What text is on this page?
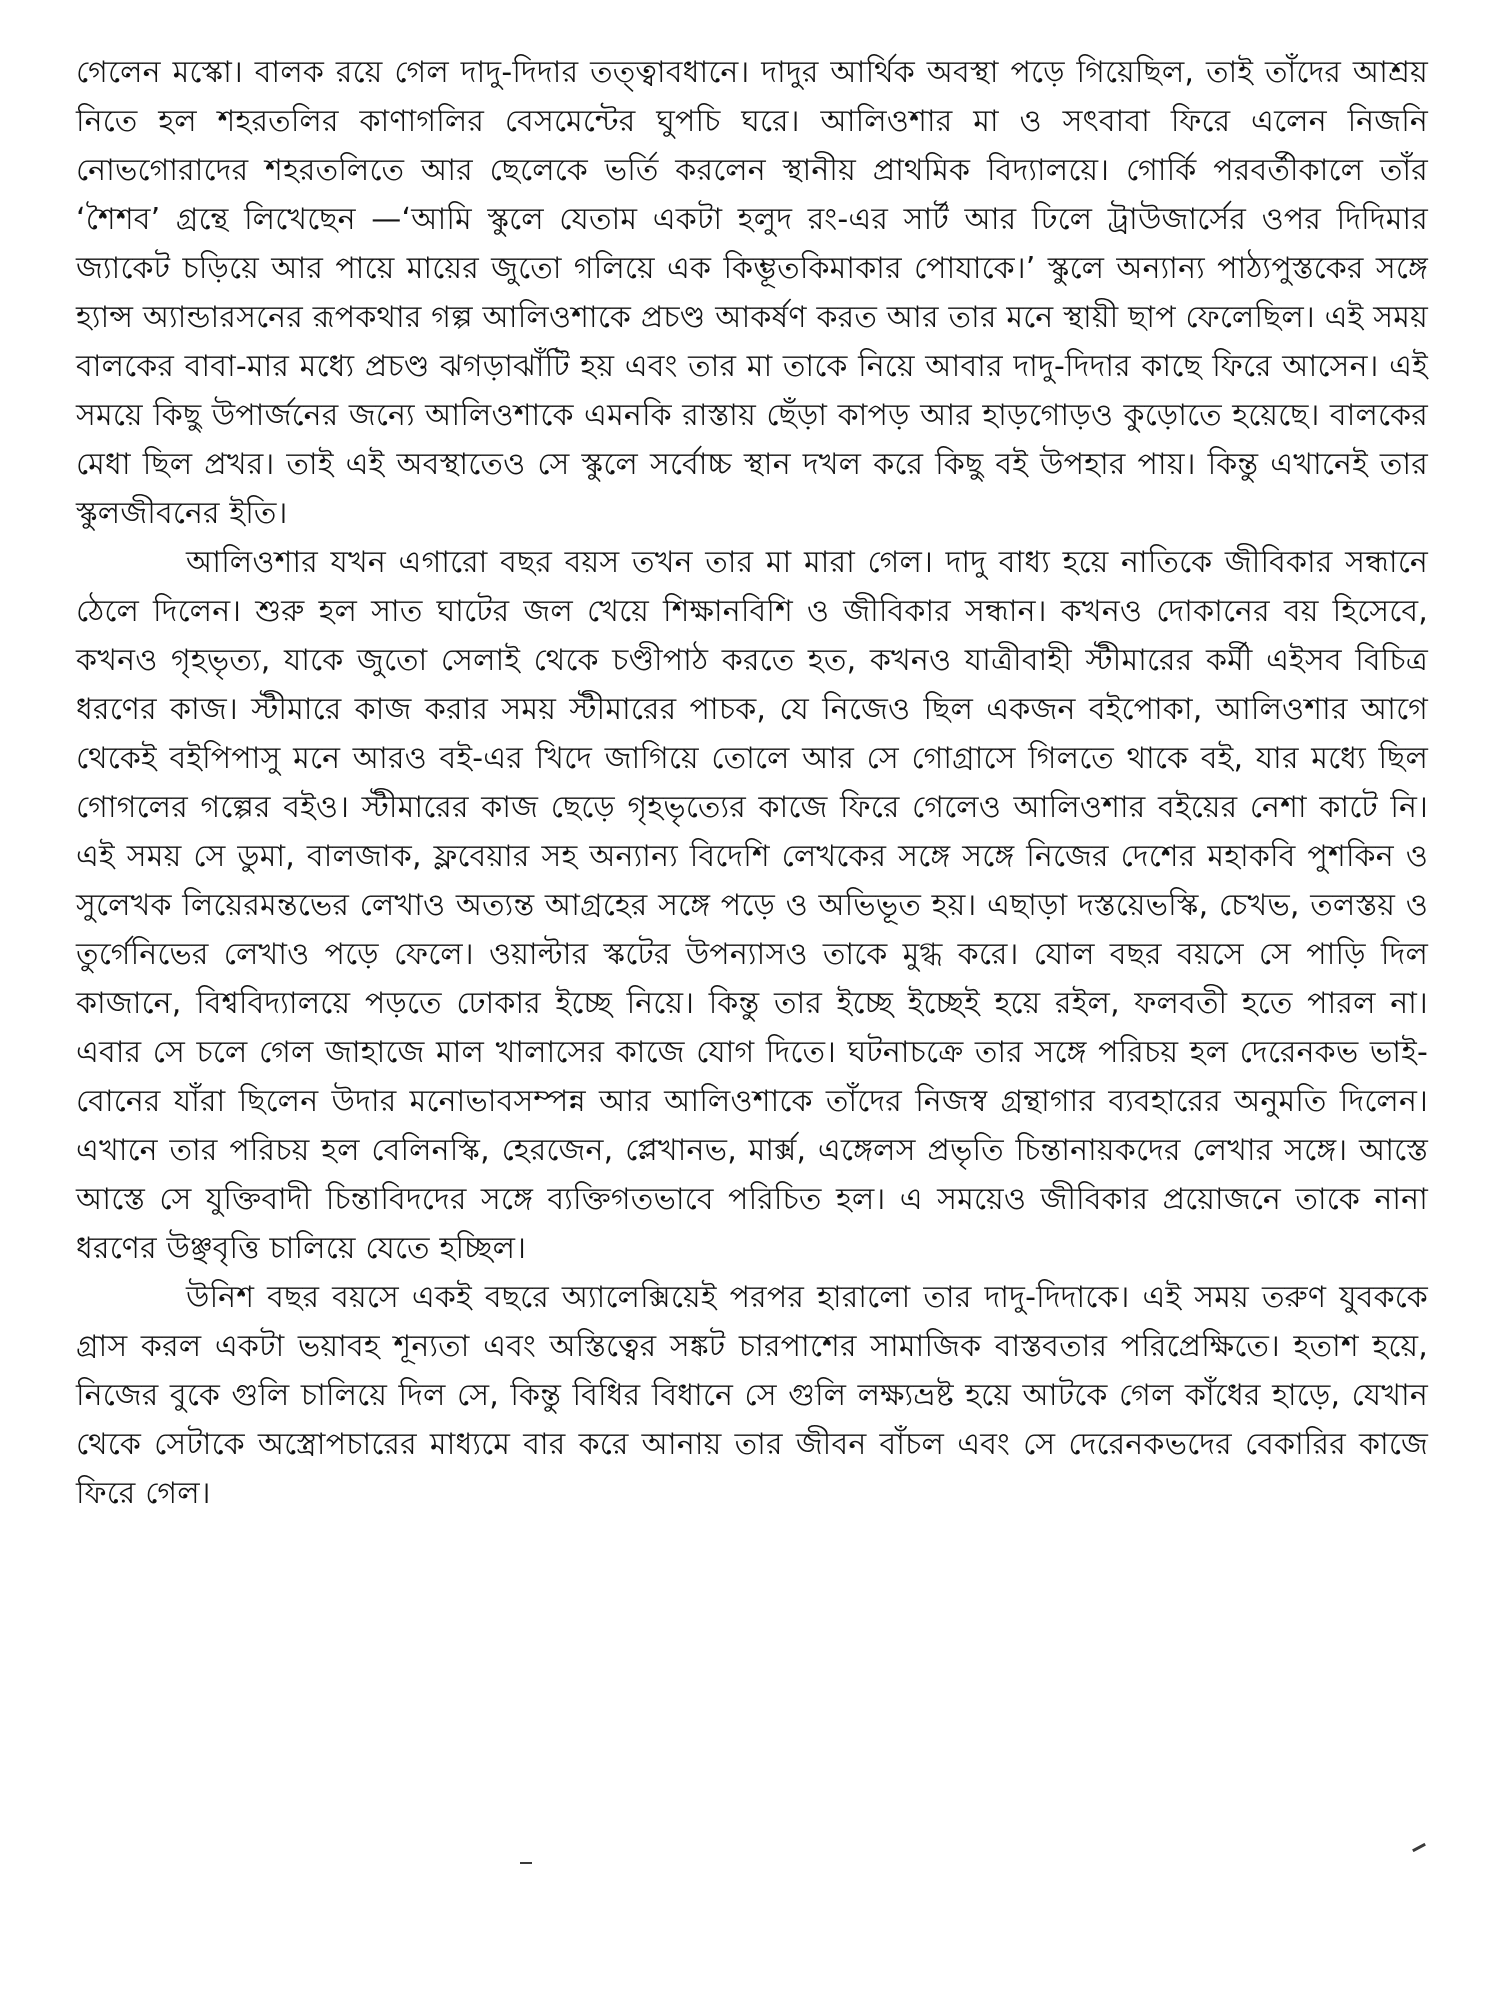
গেলেন মস্কো। বালক রয়ে গেল দাদু-দিদার তত্ত্বাবধানে। দাদুর আর্থিক অবস্থা পড়ে গিয়েছিল, তাই তাঁদের আশ্রয় নিতে হল শহরতলির কাণাগলির বেসমেন্টের ঘুপচি ঘরে। আলিওশার মা ও সৎবাবা ফিরে এলেন নিজনি নোভগোরাদের শহরতলিতে আর ছেলেকে ভর্তি করলেন স্থানীয় প্রাথমিক বিদ্যালয়ে। গোর্কি পরবর্তীকালে তাঁর ‘শৈশব’ গ্রন্থে লিখেছেন —‘আমি স্কুলে যেতাম একটা হলুদ রং-এর সার্ট আর ঢিলে ট্রাউজার্সের ওপর দিদিমার জ্যাকেট চড়িয়ে আর পায়ে মায়ের জুতো গলিয়ে এক কিম্ভূতকিমাকার পোযাকে।’ স্কুলে অন্যান্য পাঠ্যপুস্তকের সঙ্গে হ্যান্স অ্যান্ডারসনের রূপকথার গল্প আলিওশাকে প্রচণ্ড আকর্ষণ করত আর তার মনে স্থায়ী ছাপ ফেলেছিল। এই সময় বালকের বাবা-মার মধ্যে প্রচণ্ড ঝগড়াঝাঁটি হয় এবং তার মা তাকে নিয়ে আবার দাদু-দিদার কাছে ফিরে আসেন। এই সময়ে কিছু উপার্জনের জন্যে আলিওশাকে এমনকি রাস্তায় ছেঁড়া কাপড় আর হাড়গোড়ও কুড়োতে হয়েছে। বালকের মেধা ছিল প্রখর। তাই এই অবস্থাতেও সে স্কুলে সর্বোচ্চ স্থান দখল করে কিছু বই উপহার পায়। কিন্তু এখানেই তার স্কুলজীবনের ইতি।

আলিওশার যখন এগারো বছর বয়স তখন তার মা মারা গেল। দাদু বাধ্য হয়ে নাতিকে জীবিকার সন্ধানে ঠেলে দিলেন। শুরু হল সাত ঘাটের জল খেয়ে শিক্ষানবিশি ও জীবিকার সন্ধান। কখনও দোকানের বয় হিসেবে, কখনও গৃহভৃত্য, যাকে জুতো সেলাই থেকে চণ্ডীপাঠ করতে হত, কখনও যাত্রীবাহী স্টীমারের কর্মী এইসব বিচিত্র ধরণের কাজ। স্টীমারে কাজ করার সময় স্টীমারের পাচক, যে নিজেও ছিল একজন বইপোকা, আলিওশার আগে থেকেই বইপিপাসু মনে আরও বই-এর খিদে জাগিয়ে তোলে আর সে গোগ্রাসে গিলতে থাকে বই, যার মধ্যে ছিল গোগলের গল্পের বইও। স্টীমারের কাজ ছেড়ে গৃহভৃত্যের কাজে ফিরে গেলেও আলিওশার বইয়ের নেশা কাটে নি। এই সময় সে ডুমা, বালজাক, ফ্লবেয়ার সহ অন্যান্য বিদেশি লেখকের সঙ্গে সঙ্গে নিজের দেশের মহাকবি পুশকিন ও সুলেখক লিয়েরমন্তভের লেখাও অত্যন্ত আগ্রহের সঙ্গে পড়ে ও অভিভূত হয়। এছাড়া দস্তয়েভস্কি, চেখভ, তলস্তয় ও তুর্গেনিভের লেখাও পড়ে ফেলে। ওয়াল্টার স্কটের উপন্যাসও তাকে মুগ্ধ করে। যোল বছর বয়সে সে পাড়ি দিল কাজানে, বিশ্ববিদ্যালয়ে পড়তে ঢোকার ইচ্ছে নিয়ে। কিন্তু তার ইচ্ছে ইচ্ছেই হয়ে রইল, ফলবতী হতে পারল না। এবার সে চলে গেল জাহাজে মাল খালাসের কাজে যোগ দিতে। ঘটনাচক্রে তার সঙ্গে পরিচয় হল দেরেনকভ ভাই-বোনের যাঁরা ছিলেন উদার মনোভাবসম্পন্ন আর আলিওশাকে তাঁদের নিজস্ব গ্রন্থাগার ব্যবহারের অনুমতি দিলেন। এখানে তার পরিচয় হল বেলিনস্কি, হেরজেন, প্লেখানভ, মার্ক্স, এঙ্গেলস প্রভৃতি চিন্তানায়কদের লেখার সঙ্গে। আস্তে আস্তে সে যুক্তিবাদী চিন্তাবিদদের সঙ্গে ব্যক্তিগতভাবে পরিচিত হল। এ সময়েও জীবিকার প্রয়োজনে তাকে নানা ধরণের উঞ্ছবৃত্তি চালিয়ে যেতে হচ্ছিল।

উনিশ বছর বয়সে একই বছরে অ্যালেক্সিয়েই পরপর হারালো তার দাদু-দিদাকে। এই সময় তরুণ যুবককে গ্রাস করল একটা ভয়াবহ শূন্যতা এবং অস্তিত্বের সঙ্কট চারপাশের সামাজিক বাস্তবতার পরিপ্রেক্ষিতে। হতাশ হয়ে, নিজের বুকে গুলি চালিয়ে দিল সে, কিন্তু বিধির বিধানে সে গুলি লক্ষ্যভ্রষ্ট হয়ে আটকে গেল কাঁধের হাড়ে, যেখান থেকে সেটাকে অস্ত্রোপচারের মাধ্যমে বার করে আনায় তার জীবন বাঁচল এবং সে দেরেনকভদের বেকারির কাজে ফিরে গেল।
